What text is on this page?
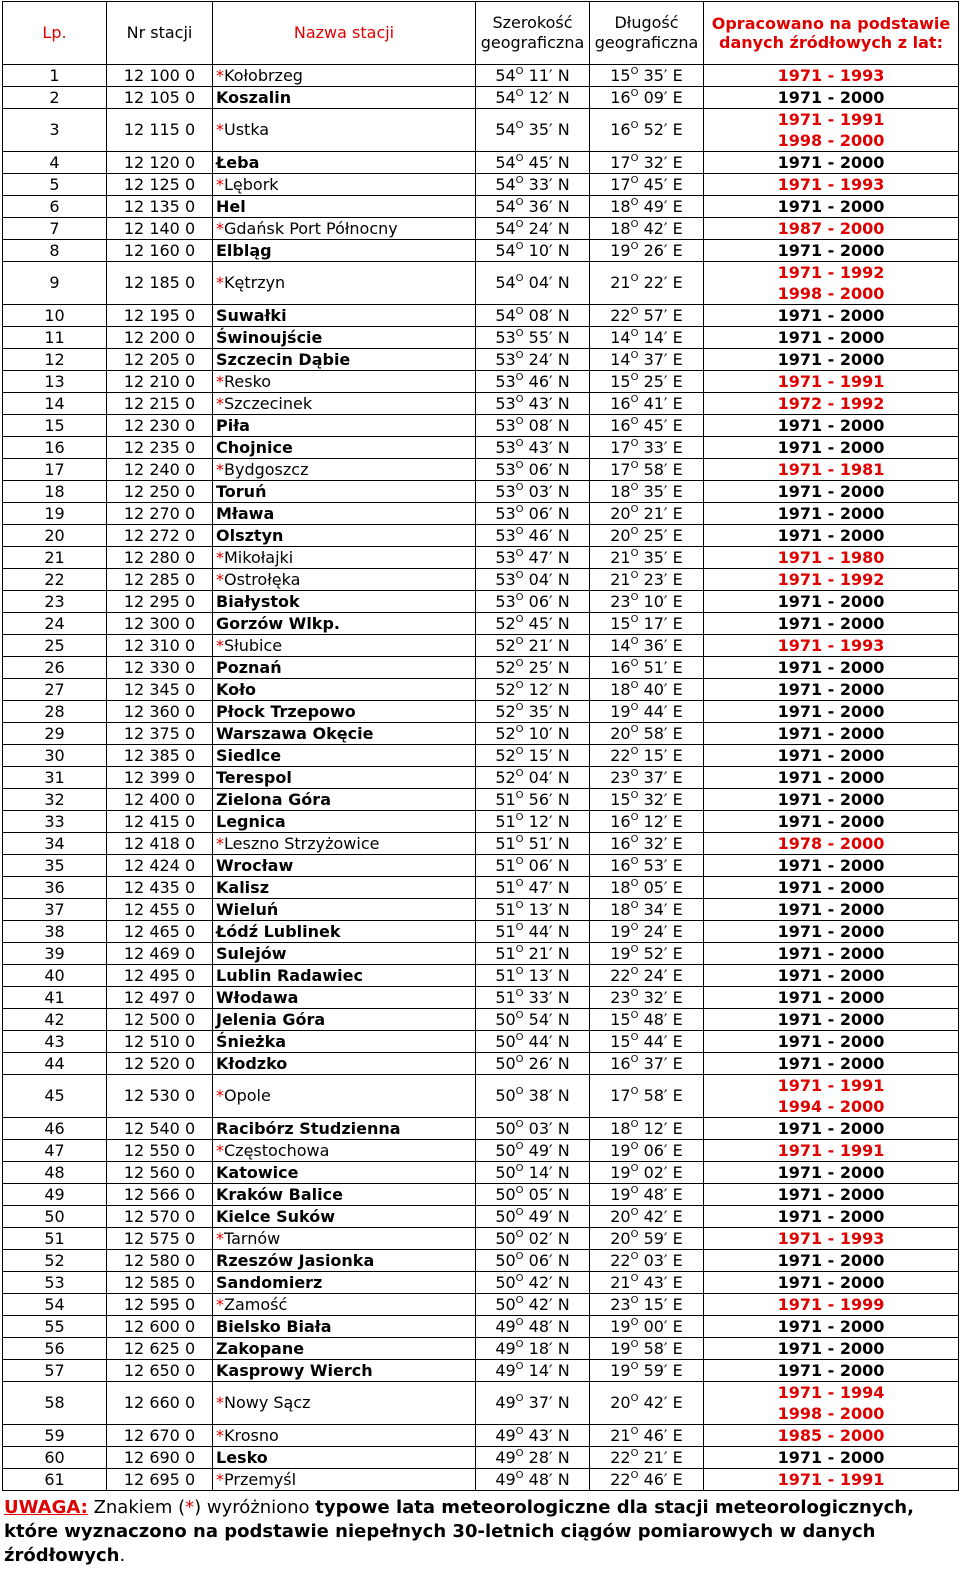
Lp.	Nr stacji	Nazwa stacji	Szerokość geograficzna	Długość geograficzna	Opracowano na podstawie danych źródłowych z lat:
1	12 100 0	*Kołobrzeg	$54^O$ 11′ N	$15^O$ 35′ E	1971 - 1993
2	12 105 0	Koszalin	$54^O$ 12′ N	$16^O$ 09′ E	1971 - 2000
3	12 115 0	*Ustka	$54^O$ 35′ N	$16^O$ 52′ E	1971 - 1991
1998 - 2000
4	12 120 0	Łeba	$54^O$ 45′ N	$17^O$ 32′ E	1971 - 2000
5	12 125 0	*Lębork	$54^O$ 33′ N	$17^O$ 45′ E	1971 - 1993
6	12 135 0	Hel	$54^O$ 36′ N	$18^O$ 49′ E	1971 - 2000
7	12 140 0	*Gdańsk Port Północny	$54^O$ 24′ N	$18^O$ 42′ E	1987 - 2000
8	12 160 0	Elbląg	$54^O$ 10′ N	$19^O$ 26′ E	1971 - 2000
9	12 185 0	*Kętrzyn	$54^O$ 04′ N	$21^O$ 22′ E	1971 - 1992
1998 - 2000
10	12 195 0	Suwałki	$54^O$ 08′ N	$22^O$ 57′ E	1971 - 2000
11	12 200 0	Świnoujście	$53^O$ 55′ N	$14^O$ 14′ E	1971 - 2000
12	12 205 0	Szczecin Dąbie	$53^O$ 24′ N	$14^O$ 37′ E	1971 - 2000
13	12 210 0	*Resko	$53^O$ 46′ N	$15^O$ 25′ E	1971 - 1991
14	12 215 0	*Szczecinek	$53^O$ 43′ N	$16^O$ 41′ E	1972 - 1992
15	12 230 0	Piła	$53^O$ 08′ N	$16^O$ 45′ E	1971 - 2000
16	12 235 0	Chojnice	$53^O$ 43′ N	$17^O$ 33′ E	1971 - 2000
17	12 240 0	*Bydgoszcz	$53^O$ 06′ N	$17^O$ 58′ E	1971 - 1981
18	12 250 0	Toruń	$53^O$ 03′ N	$18^O$ 35′ E	1971 - 2000
19	12 270 0	Mława	$53^O$ 06′ N	$20^O$ 21′ E	1971 - 2000
20	12 272 0	Olsztyn	$53^O$ 46′ N	$20^O$ 25′ E	1971 - 2000
21	12 280 0	*Mikołajki	$53^O$ 47′ N	$21^O$ 35′ E	1971 - 1980
22	12 285 0	*Ostrołęka	$53^O$ 04′ N	$21^O$ 23′ E	1971 - 1992
23	12 295 0	Białystok	$53^O$ 06′ N	$23^O$ 10′ E	1971 - 2000
24	12 300 0	Gorzów Wlkp.	$52^O$ 45′ N	$15^O$ 17′ E	1971 - 2000
25	12 310 0	*Słubice	$52^O$ 21′ N	$14^O$ 36′ E	1971 - 1993
26	12 330 0	Poznań	$52^O$ 25′ N	$16^O$ 51′ E	1971 - 2000
27	12 345 0	Koło	$52^O$ 12′ N	$18^O$ 40′ E	1971 - 2000
28	12 360 0	Płock Trzepowo	$52^O$ 35′ N	$19^O$ 44′ E	1971 - 2000
29	12 375 0	Warszawa Okęcie	$52^O$ 10′ N	$20^O$ 58′ E	1971 - 2000
30	12 385 0	Siedlce	$52^O$ 15′ N	$22^O$ 15′ E	1971 - 2000
31	12 399 0	Terespol	$52^O$ 04′ N	$23^O$ 37′ E	1971 - 2000
32	12 400 0	Zielona Góra	$51^O$ 56′ N	$15^O$ 32′ E	1971 - 2000
33	12 415 0	Legnica	$51^O$ 12′ N	$16^O$ 12′ E	1971 - 2000
34	12 418 0	*Leszno Strzyżowice	$51^O$ 51′ N	$16^O$ 32′ E	1978 - 2000
35	12 424 0	Wrocław	$51^O$ 06′ N	$16^O$ 53′ E	1971 - 2000
36	12 435 0	Kalisz	$51^O$ 47′ N	$18^O$ 05′ E	1971 - 2000
37	12 455 0	Wieluń	$51^O$ 13′ N	$18^O$ 34′ E	1971 - 2000
38	12 465 0	Łódź Lublinek	$51^O$ 44′ N	$19^O$ 24′ E	1971 - 2000
39	12 469 0	Sulejów	$51^O$ 21′ N	$19^O$ 52′ E	1971 - 2000
40	12 495 0	Lublin Radawiec	$51^O$ 13′ N	$22^O$ 24′ E	1971 - 2000
41	12 497 0	Włodawa	$51^O$ 33′ N	$23^O$ 32′ E	1971 - 2000
42	12 500 0	Jelenia Góra	$50^O$ 54′ N	$15^O$ 48′ E	1971 - 2000
43	12 510 0	Śnieżka	$50^O$ 44′ N	$15^O$ 44′ E	1971 - 2000
44	12 520 0	Kłodzko	$50^O$ 26′ N	$16^O$ 37′ E	1971 - 2000
45	12 530 0	*Opole	$50^O$ 38′ N	$17^O$ 58′ E	1971 - 1991
1994 - 2000
46	12 540 0	Racibórz Studzienna	$50^O$ 03′ N	$18^O$ 12′ E	1971 - 2000
47	12 550 0	*Częstochowa	$50^O$ 49′ N	$19^O$ 06′ E	1971 - 1991
48	12 560 0	Katowice	$50^O$ 14′ N	$19^O$ 02′ E	1971 - 2000
49	12 566 0	Kraków Balice	$50^O$ 05′ N	$19^O$ 48′ E	1971 - 2000
50	12 570 0	Kielce Suków	$50^O$ 49′ N	$20^O$ 42′ E	1971 - 2000
51	12 575 0	*Tarnów	$50^O$ 02′ N	$20^O$ 59′ E	1971 - 1993
52	12 580 0	Rzeszów Jasionka	$50^O$ 06′ N	$22^O$ 03′ E	1971 - 2000
53	12 585 0	Sandomierz	$50^O$ 42′ N	$21^O$ 43′ E	1971 - 2000
54	12 595 0	*Zamość	$50^O$ 42′ N	$23^O$ 15′ E	1971 - 1999
55	12 600 0	Bielsko Biała	$49^O$ 48′ N	$19^O$ 00′ E	1971 - 2000
56	12 625 0	Zakopane	$49^O$ 18′ N	$19^O$ 58′ E	1971 - 2000
57	12 650 0	Kasprowy Wierch	$49^O$ 14′ N	$19^O$ 59′ E	1971 - 2000
58	12 660 0	*Nowy Sącz	$49^O$ 37′ N	$20^O$ 42′ E	1971 - 1994
1998 - 2000
59	12 670 0	*Krosno	$49^O$ 43′ N	$21^O$ 46′ E	1985 - 2000
60	12 690 0	Lesko	$49^O$ 28′ N	$22^O$ 21′ E	1971 - 2000
61	12 695 0	*Przemyśl	$49^O$ 48′ N	$22^O$ 46′ E	1971 - 1991
UWAGA: Znakiem (*) wyróżniono typowe lata meteorologiczne dla stacji meteorologicznych, które wyznaczono na podstawie niepełnych 30-letnich ciągów pomiarowych w danych źródłowych.
